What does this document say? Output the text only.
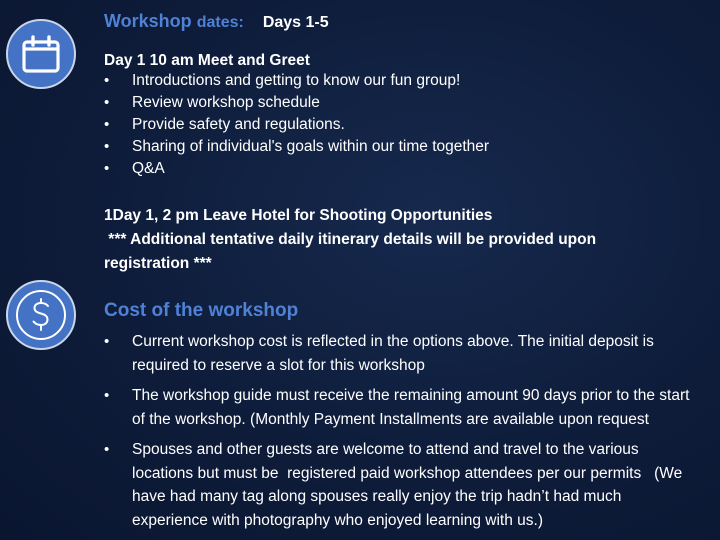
Workshop dates: Days 1-5
Day 1 10 am Meet and Greet
• Introductions and getting to know our fun group!
• Review workshop schedule
• Provide safety and regulations.
• Sharing of individual's goals within our time together
• Q&A
1Day 1, 2 pm Leave Hotel for Shooting Opportunities
*** Additional tentative daily itinerary details will be provided upon
registration ***
Cost of the workshop
• Current workshop cost is reflected in the options above. The initial deposit is required to reserve a slot for this workshop
• The workshop guide must receive the remaining amount 90 days prior to the start of the workshop. (Monthly Payment Installments are available upon request
• Spouses and other guests are welcome to attend and travel to the various locations but must be  registered paid workshop attendees per our permits   (We have had many tag along spouses really enjoy the trip hadn’t had much experience with photography who enjoyed learning with us.)
